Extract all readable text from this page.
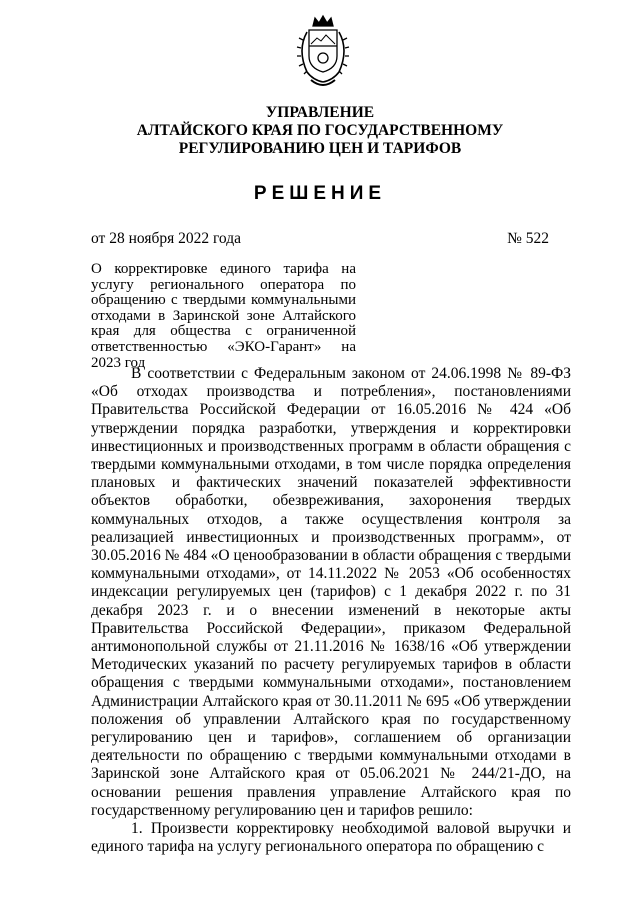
УПРАВЛЕНИЕ
АЛТАЙСКОГО КРАЯ ПО ГОСУДАРСТВЕННОМУ
РЕГУЛИРОВАНИЮ ЦЕН И ТАРИФОВ
РЕШЕНИЕ
от 28 ноября 2022 года	№ 522
О корректировке единого тарифа на
услугу регионального оператора по
обращению с твердыми коммунальными
отходами в Заринской зоне Алтайского
края для общества с ограниченной
ответственностью «ЭКО-Гарант» на
2023 год

В соответствии с Федеральным законом от 24.06.1998 № 89-ФЗ «Об отходах производства и потребления», постановлениями Правительства Российской Федерации от 16.05.2016 № 424 «Об утверждении порядка разработки, утверждения и корректировки инвестиционных и производственных программ в области обращения с твердыми коммунальными отходами, в том числе порядка определения плановых и фактических значений показателей эффективности объектов обработки, обезвреживания, захоронения твердых коммунальных отходов, а также осуществления контроля за реализацией инвестиционных и производственных программ», от 30.05.2016 № 484 «О ценообразовании в области обращения с твердыми коммунальными отходами», от 14.11.2022 № 2053 «Об особенностях индексации регулируемых цен (тарифов) с 1 декабря 2022 г. по 31 декабря 2023 г. и о внесении изменений в некоторые акты Правительства Российской Федерации», приказом Федеральной антимонопольной службы от 21.11.2016 № 1638/16 «Об утверждении Методических указаний по расчету регулируемых тарифов в области обращения с твердыми коммунальными отходами», постановлением Администрации Алтайского края от 30.11.2011 № 695 «Об утверждении положения об управлении Алтайского края по государственному регулированию цен и тарифов», соглашением об организации деятельности по обращению с твердыми коммунальными отходами в Заринской зоне Алтайского края от 05.06.2021 № 244/21-ДО, на основании решения правления управление Алтайского края по государственному регулированию цен и тарифов решило:

1. Произвести корректировку необходимой валовой выручки и единого тарифа на услугу регионального оператора по обращению с
